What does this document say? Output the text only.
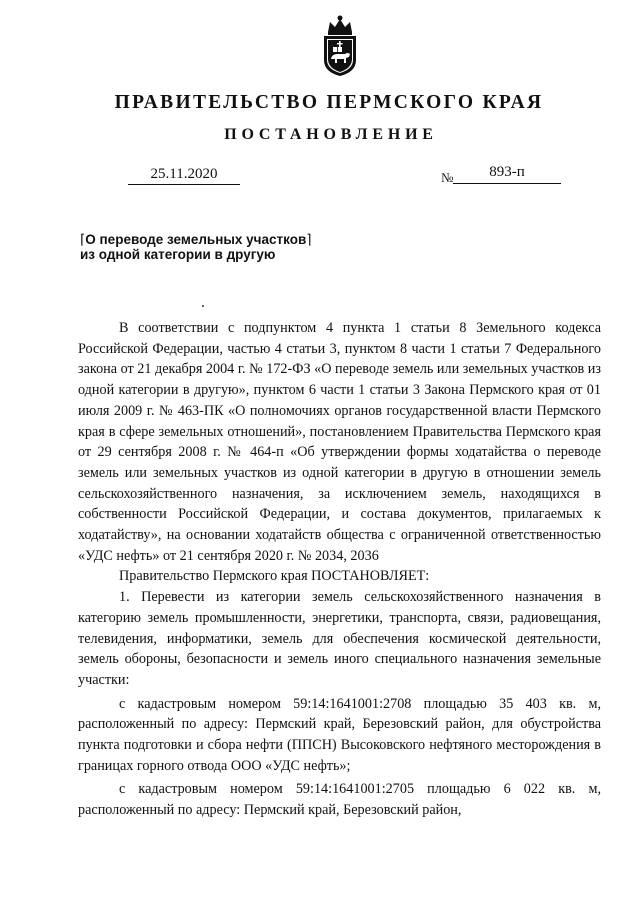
ПРАВИТЕЛЬСТВО ПЕРМСКОГО КРАЯ
ПОСТАНОВЛЕНИЕ
25.11.2020	№	893-п
⌈О переводе земельных участков⌉
из одной категории в другую

В соответствии с подпунктом 4 пункта 1 статьи 8 Земельного кодекса Российской Федерации, частью 4 статьи 3, пунктом 8 части 1 статьи 7 Федерального закона от 21 декабря 2004 г. № 172-ФЗ «О переводе земель или земельных участков из одной категории в другую», пунктом 6 части 1 статьи 3 Закона Пермского края от 01 июля 2009 г. № 463-ПК «О полномочиях органов государственной власти Пермского края в сфере земельных отношений», постановлением Правительства Пермского края от 29 сентября 2008 г. № 464-п «Об утверждении формы ходатайства о переводе земель или земельных участков из одной категории в другую в отношении земель сельскохозяйственного назначения, за исключением земель, находящихся в собственности Российской Федерации, и состава документов, прилагаемых к ходатайству», на основании ходатайств общества с ограниченной ответственностью «УДС нефть» от 21 сентября 2020 г. № 2034, 2036

Правительство Пермского края ПОСТАНОВЛЯЕТ:

1. Перевести из категории земель сельскохозяйственного назначения в категорию земель промышленности, энергетики, транспорта, связи, радиовещания, телевидения, информатики, земель для обеспечения космической деятельности, земель обороны, безопасности и земель иного специального назначения земельные участки:

с кадастровым номером 59:14:1641001:2708 площадью 35 403 кв. м, расположенный по адресу: Пермский край, Березовский район, для обустройства пункта подготовки и сбора нефти (ППСН) Высоковского нефтяного месторождения в границах горного отвода ООО «УДС нефть»;

с кадастровым номером 59:14:1641001:2705 площадью 6 022 кв. м, расположенный по адресу: Пермский край, Березовский район,
